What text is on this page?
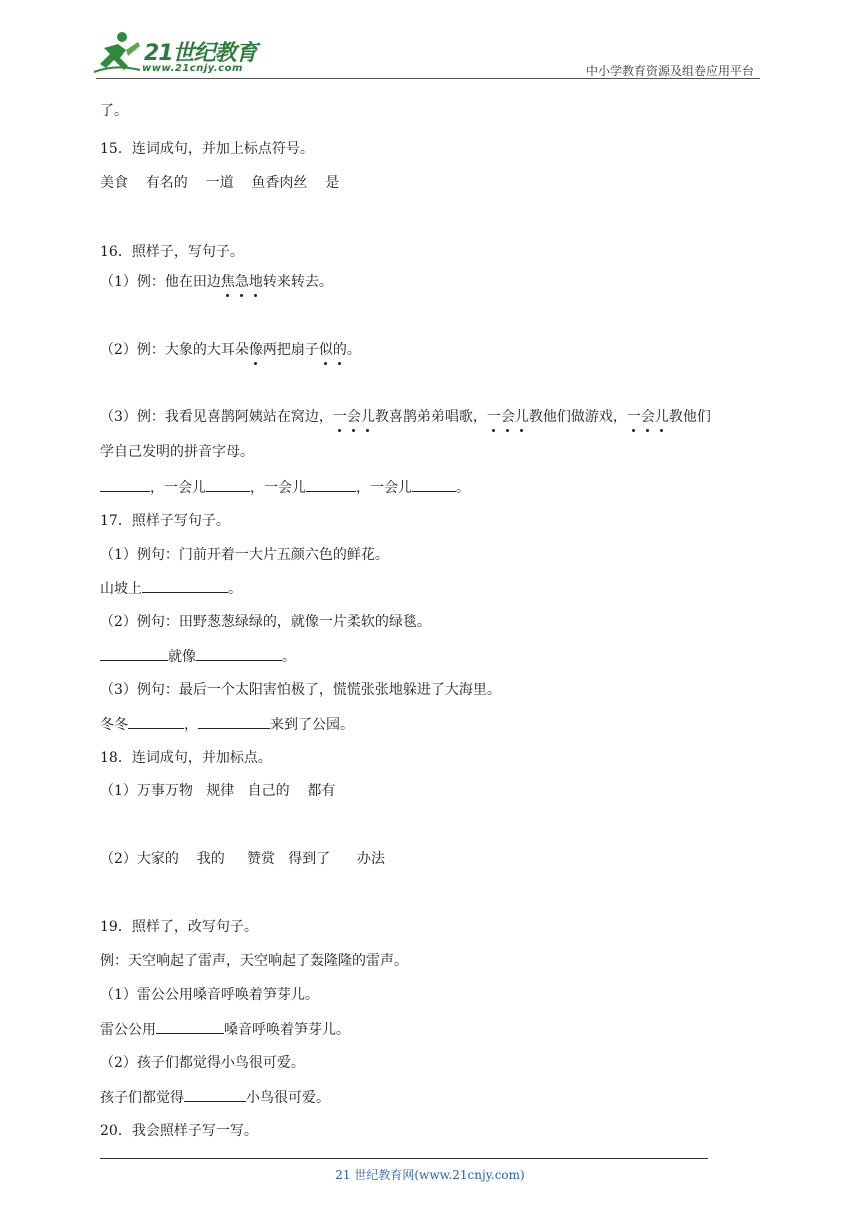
21世纪教育
www.21cnjy.com	中小学教育资源及组卷应用平台
了。
15．连词成句，并加上标点符号。
美食    有名的    一道    鱼香肉丝    是
16．照样子，写句子。
（1）例：他在田边焦急地转来转去。
（2）例：大象的大耳朵像两把扇子似的。
（3）例：我看见喜鹊阿姨站在窝边，一会儿教喜鹊弟弟唱歌，一会儿教他们做游戏，一会儿教他们
学自己发明的拼音字母。
，一会儿	，一会儿	，一会儿	。
17．照样子写句子。
（1）例句：门前开着一大片五颜六色的鲜花。
山坡上	。
（2）例句：田野葱葱绿绿的，就像一片柔软的绿毯。
就像	。
（3）例句：最后一个太阳害怕极了，慌慌张张地躲进了大海里。
冬冬	，	来到了公园。
18．连词成句，并加标点。
（1）万事万物   规律   自己的    都有
（2）大家的    我的     赞赏   得到了      办法
19．照样了，改写句子。
例：天空响起了雷声，天空响起了轰隆隆的雷声。
（1）雷公公用嗓音呼唤着笋芽儿。
雷公公用	嗓音呼唤着笋芽儿。
（2）孩子们都觉得小鸟很可爱。
孩子们都觉得	小鸟很可爱。
20．我会照样子写一写。
21 世纪教育网(www.21cnjy.com)
